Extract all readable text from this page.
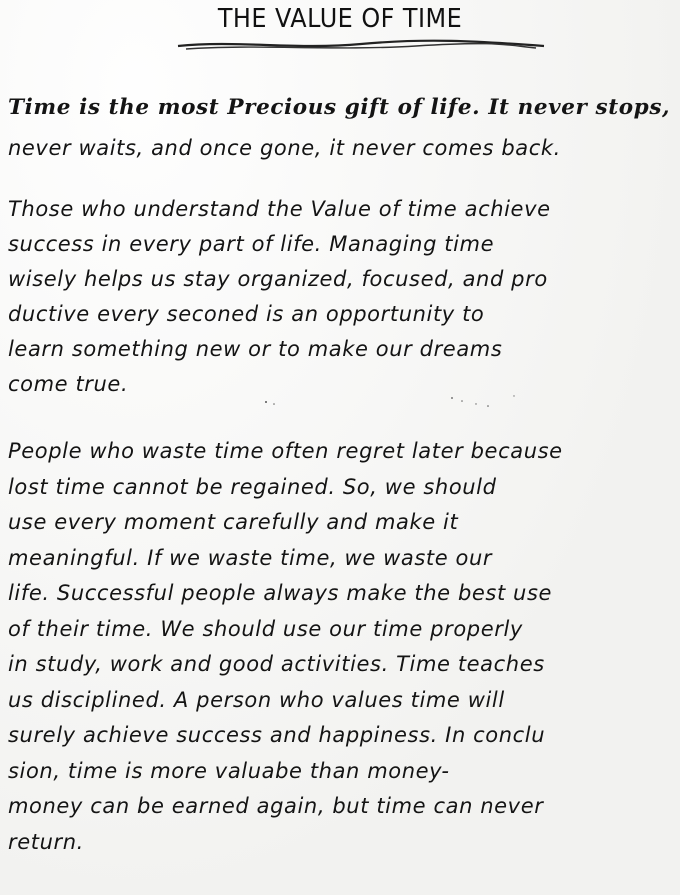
THE VALUE OF TIME
Time is the most Precious gift of life. It never stops,
never waits, and once gone, it never comes back.
Those who understand the Value of time achieve
success in every part of life. Managing time
wisely helps us stay organized, focused, and pro
ductive every seconed is an opportunity to
learn something new or to make our dreams
come true.
People who waste time often regret later because
lost time cannot be regained. So, we should
use every moment carefully and make it
meaningful. If we waste time, we waste our
life. Successful people always make the best use
of their time. We should use our time properly
in study, work and good activities. Time teaches
us disciplined. A person who values time will
surely achieve success and happiness. In conclu
sion, time is more valuabe than money-
money can be earned again, but time can never
return.
